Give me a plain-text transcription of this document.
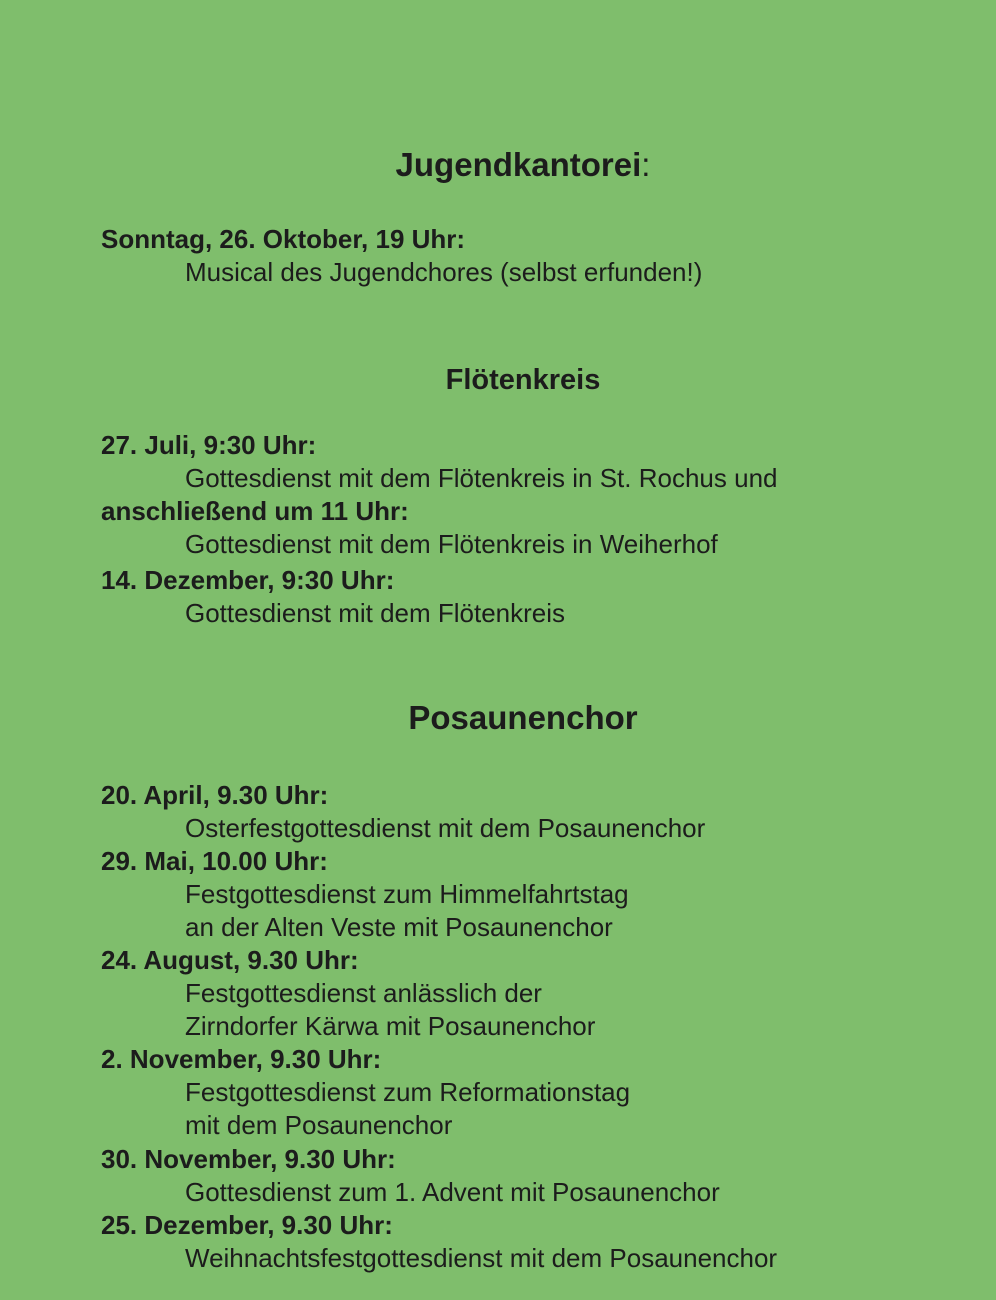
Jugendkantorei:
Sonntag, 26. Oktober, 19 Uhr:
Musical des Jugendchores (selbst erfunden!)
Flötenkreis
27. Juli, 9:30 Uhr:
Gottesdienst mit dem Flötenkreis in St. Rochus und
anschließend um 11 Uhr:
Gottesdienst mit dem Flötenkreis in Weiherhof
14. Dezember, 9:30 Uhr:
Gottesdienst mit dem Flötenkreis
Posaunenchor
20. April, 9.30 Uhr:
Osterfestgottesdienst mit dem Posaunenchor
29. Mai, 10.00 Uhr:
Festgottesdienst zum Himmelfahrtstag
an der Alten Veste mit Posaunenchor
24. August, 9.30 Uhr:
Festgottesdienst anlässlich der
Zirndorfer Kärwa mit Posaunenchor
2. November, 9.30 Uhr:
Festgottesdienst zum Reformationstag
mit dem Posaunenchor
30. November, 9.30 Uhr:
Gottesdienst zum 1. Advent mit Posaunenchor
25. Dezember, 9.30 Uhr:
Weihnachtsfestgottesdienst mit dem Posaunenchor
